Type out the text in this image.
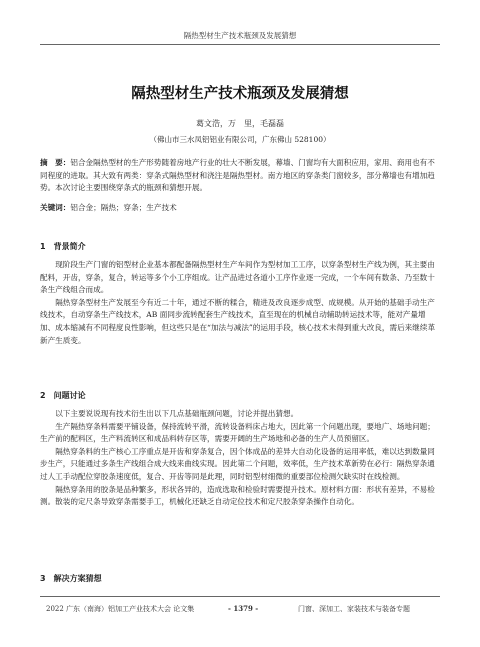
隔热型材生产技术瓶颈及发展猜想
隔热型材生产技术瓶颈及发展猜想
葛文浩，万　里，毛磊磊
（佛山市三水凤铝铝业有限公司，广东佛山 528100）
摘　要：铝合金隔热型材的生产形势随着房地产行业的壮大不断发展，幕墙、门窗均有大面积应用，家用、商用也有不同程度的进取。其大致有两类：穿条式隔热型材和浇注是隔热型材。南方地区的穿条类门窗较多，部分幕墙也有增加趋势。本次讨论主要围绕穿条式的瓶颈和猜想开展。
关键词：铝合金；隔热；穿条；生产技术
1　背景简介

现阶段生产门窗的铝型材企业基本都配备隔热型材生产车间作为型材加工工序，以穿条型材生产线为例，其主要由配料，开齿，穿条，复合，转运等多个小工序组成。让产品进过各道小工序作业逐一完成，一个车间有数条、乃至数十条生产线组合而成。

隔热穿条型材生产发展至今有近二十年，通过不断的糅合，精进及改良逐步成型、成规模。从开始的基础手动生产线技术，自动穿条生产线技术，AB 面同步流转配套生产线技术，直至现在的机械自动辅助转运技术等，能对产量增加、成本缩减有不同程度良性影响，但这些只是在“加法与减法”的运用手段，核心技术未得到重大改良，需后来继续革新产生质变。

2　问题讨论

以下主要说说现有技术衍生出以下几点基础瓶颈问题，讨论并提出猜想。

生产隔热穿条料需要平铺设备，保持流转平滑，流转设备料床占地大，因此第一个问题出现，要地广、场地问题；生产前的配料区，生产料流转区和成品料转存区等，需要开阔的生产场地和必备的生产人员预留区。

隔热穿条料的生产核心工序重点是开齿和穿条复合，因个体成品的差异大自动化设备的运用率低，难以达到数量同步生产，只能通过多条生产线组合成大线来曲线实现。因此第二个问题，效率低，生产技术革新势在必行：隔热穿条通过人工手动配位穿胶条速度低，复合、开齿等同是此理，同时铝型材细微的重要部位检测欠缺实时在线检测。

隔热穿条用的胶条是品种繁多，形状各异的，造成选取和检验时需要提升技术。原材料方面：形状有差异，不易检测。散装的定尺条导致穿条需要手工，机械化还缺乏自动定位技术和定尺胶条穿条操作自动化。

3　解决方案猜想
2022 广东（南海）铝加工产业技术大会 论文集	- 1379 -	门窗、深加工、家装技术与装备专题
